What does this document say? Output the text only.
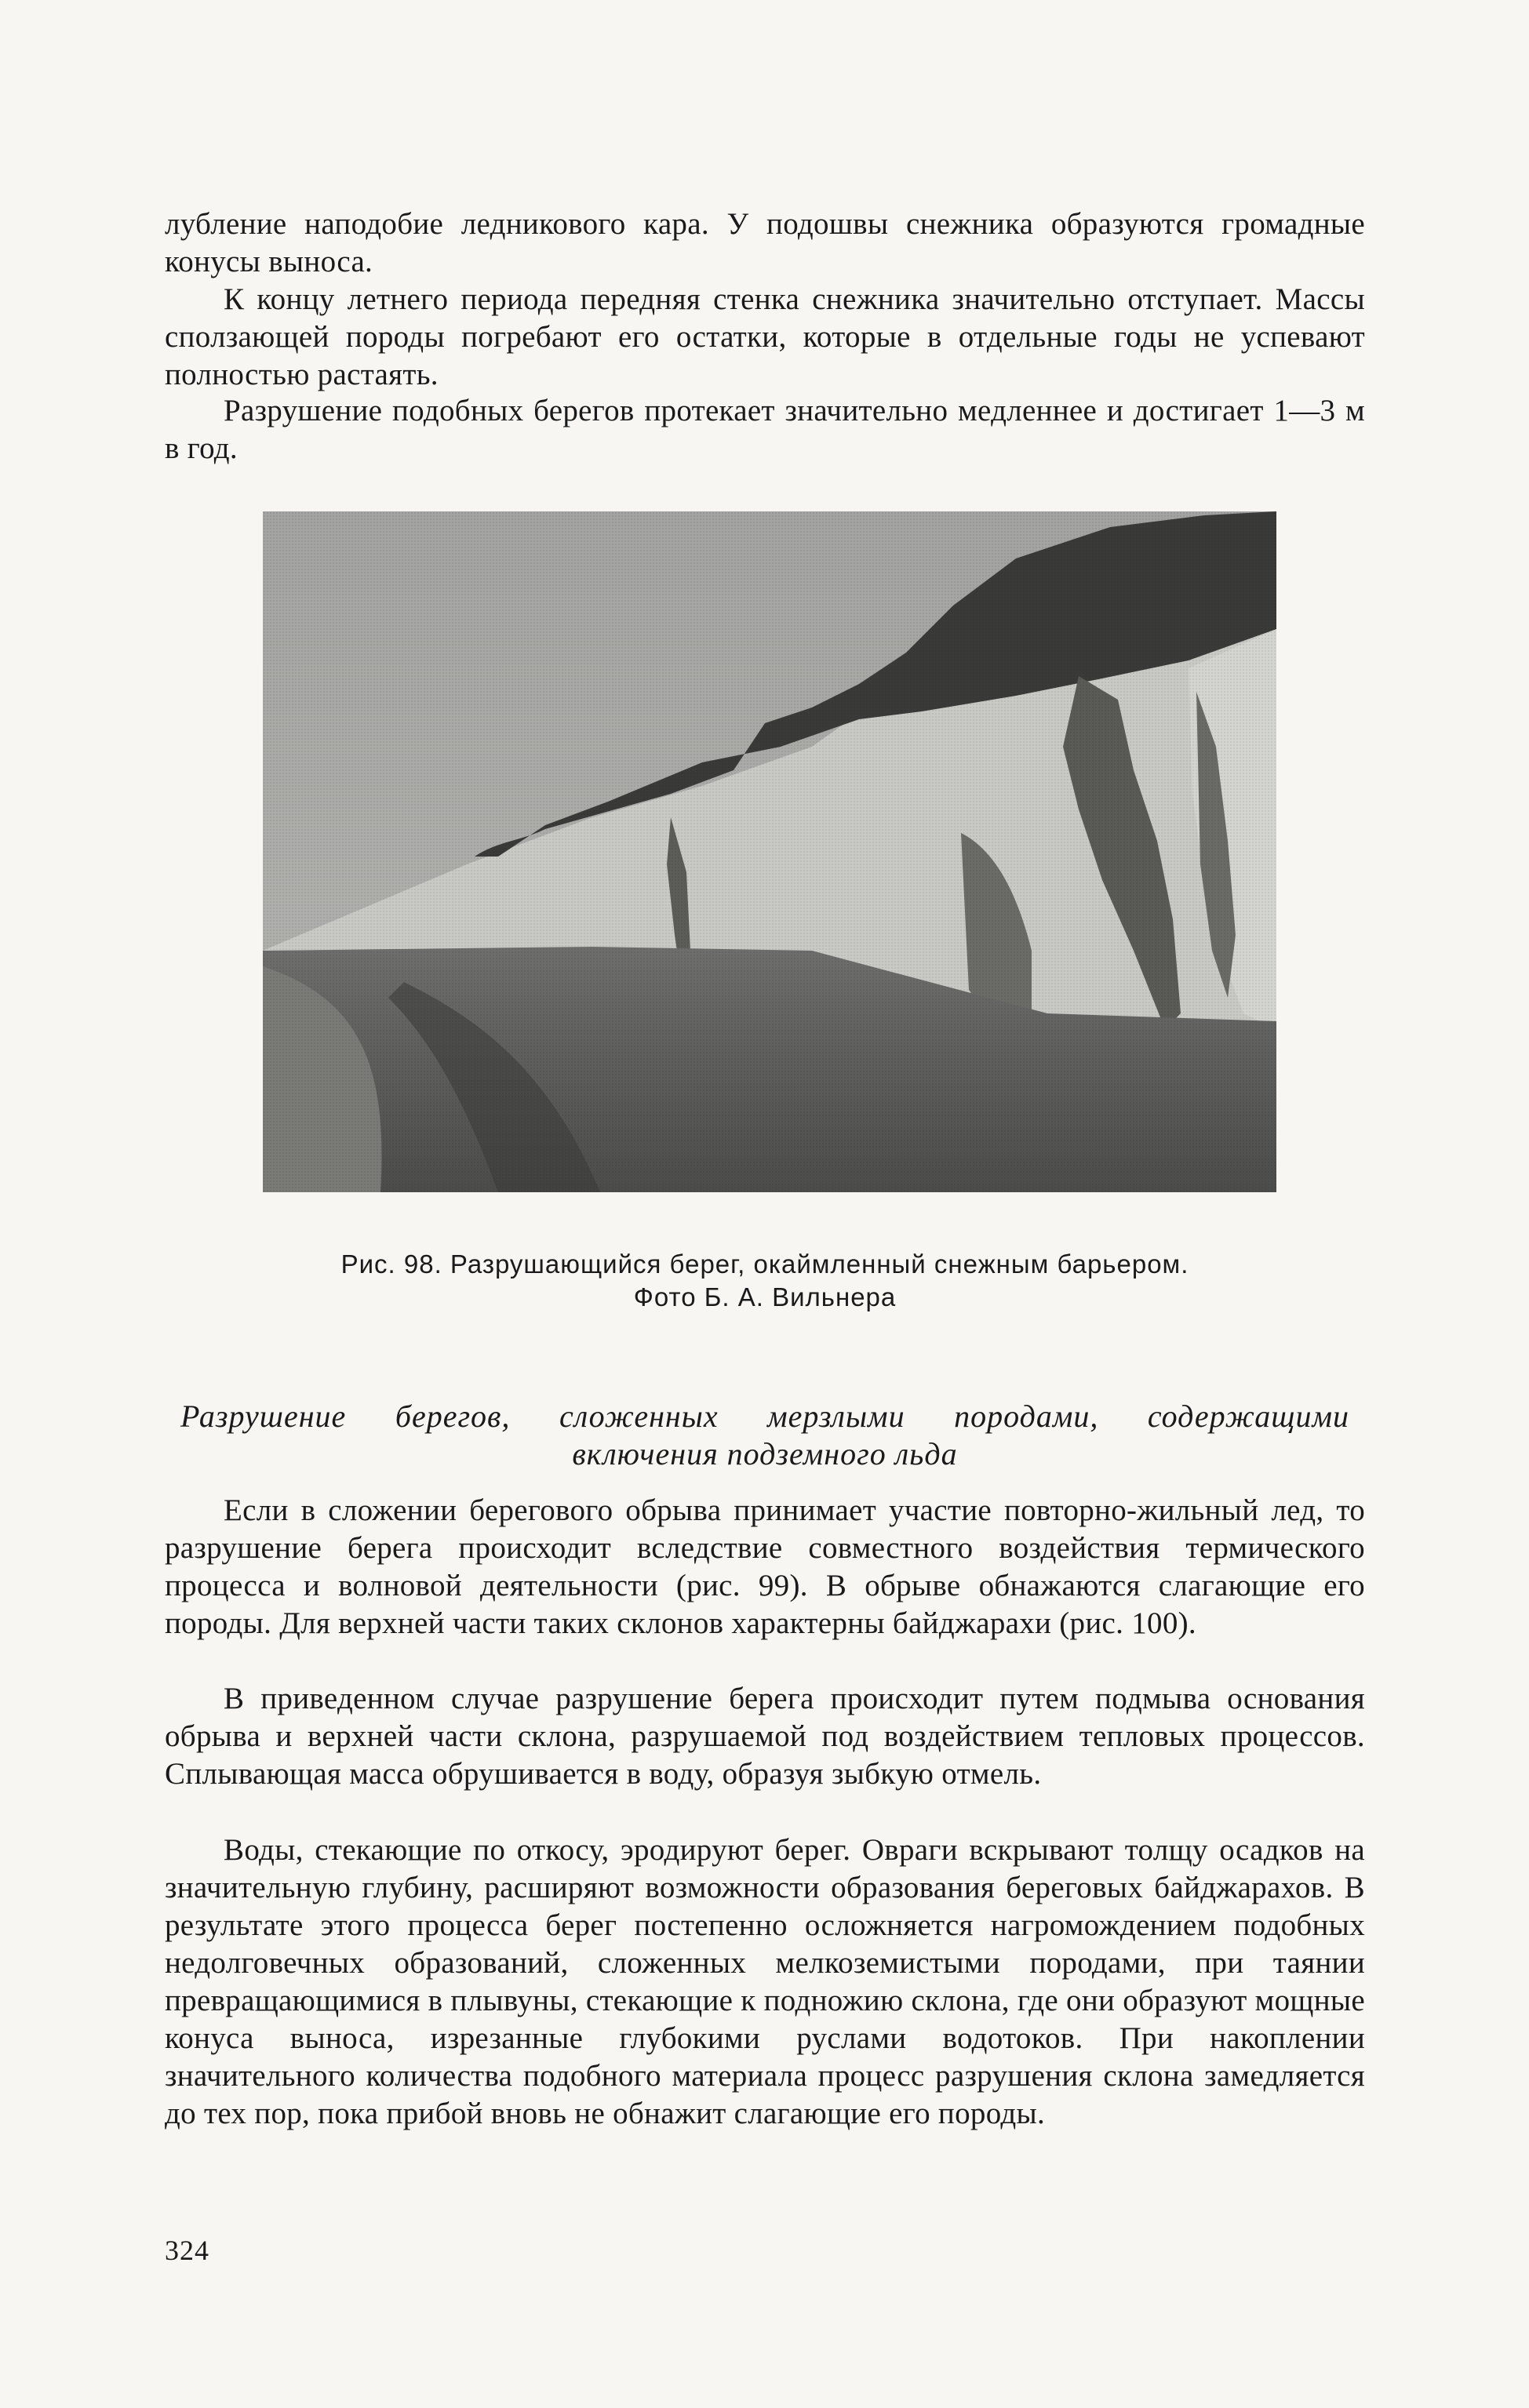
лубление наподобие ледникового кара. У подошвы снежника образуются громадные конусы выноса.

К концу летнего периода передняя стенка снежника значительно отступает. Массы сползающей породы погребают его остатки, которые в отдельные годы не успевают полностью растаять.

Разрушение подобных берегов протекает значительно медленнее и достигает 1—3 м в год.

Рис. 98. Разрушающийся берег, окаймленный снежным барьером.
Фото Б. А. Вильнера
Разрушение берегов, сложенных мерзлыми породами, содержащими
включения подземного льда

Если в сложении берегового обрыва принимает участие повторно-жильный лед, то разрушение берега происходит вследствие совместного воздействия термического процесса и волновой деятельности (рис. 99). В обрыве обнажаются слагающие его породы. Для верхней части таких склонов характерны байджарахи (рис. 100).

В приведенном случае разрушение берега происходит путем подмыва основания обрыва и верхней части склона, разрушаемой под воздействием тепловых процессов. Сплывающая масса обрушивается в воду, образуя зыбкую отмель.

Воды, стекающие по откосу, эродируют берег. Овраги вскрывают толщу осадков на значительную глубину, расширяют возможности образования береговых байджарахов. В результате этого процесса берег постепенно осложняется нагромождением подобных недолговечных образований, сложенных мелкоземистыми породами, при таянии превращающимися в плывуны, стекающие к подножию склона, где они образуют мощные конуса выноса, изрезанные глубокими руслами водотоков. При накоплении значительного количества подобного материала процесс разрушения склона замедляется до тех пор, пока прибой вновь не обнажит слагающие его породы.

324
